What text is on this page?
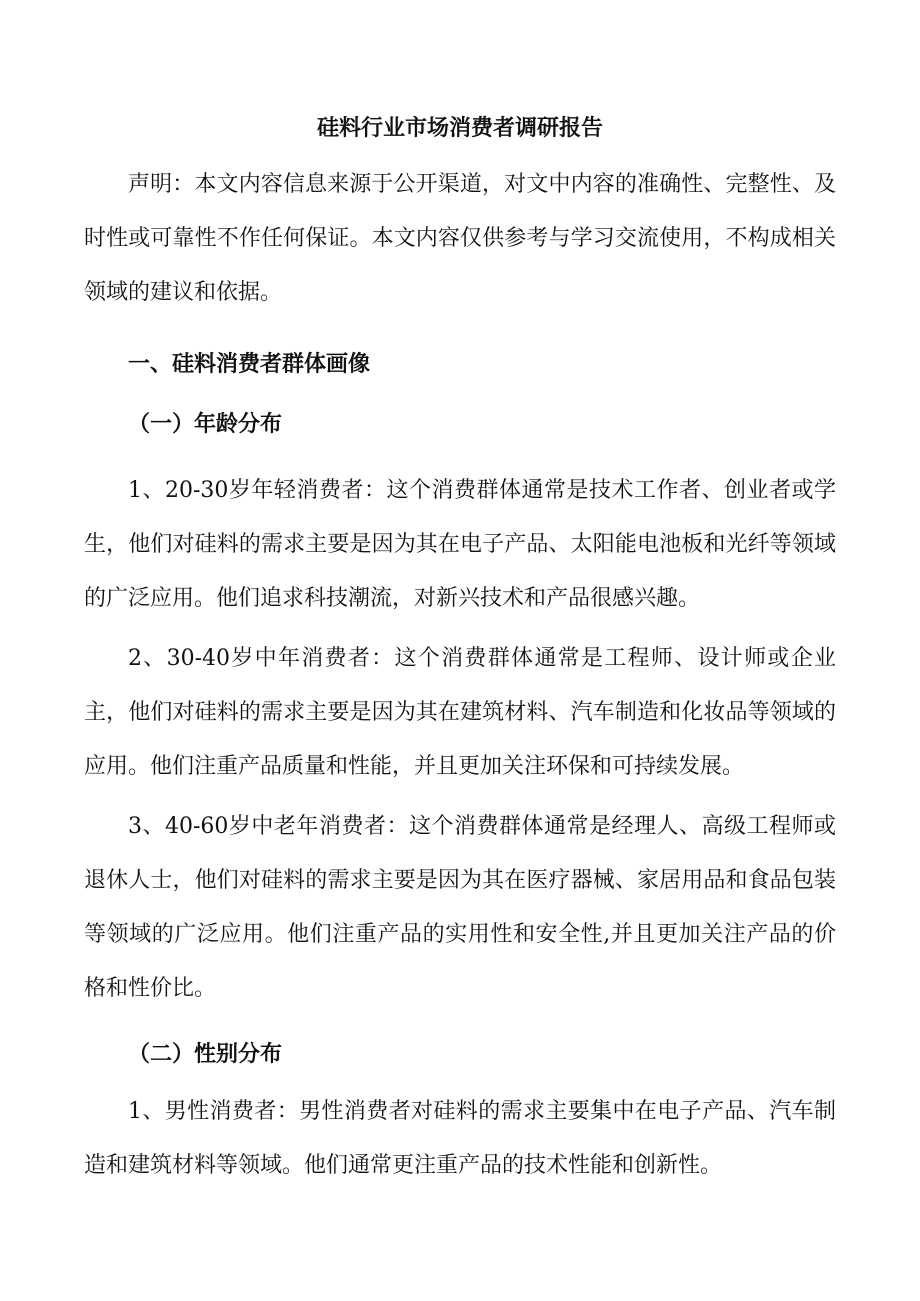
硅料行业市场消费者调研报告

声明：本文内容信息来源于公开渠道，对文中内容的准确性、完整性、及时性或可靠性不作任何保证。本文内容仅供参考与学习交流使用，不构成相关领域的建议和依据。

一、硅料消费者群体画像
（一）年龄分布

1、20-30岁年轻消费者：这个消费群体通常是技术工作者、创业者或学生，他们对硅料的需求主要是因为其在电子产品、太阳能电池板和光纤等领域的广泛应用。他们追求科技潮流，对新兴技术和产品很感兴趣。

2、30-40岁中年消费者：这个消费群体通常是工程师、设计师或企业主，他们对硅料的需求主要是因为其在建筑材料、汽车制造和化妆品等领域的应用。他们注重产品质量和性能，并且更加关注环保和可持续发展。

3、40-60岁中老年消费者：这个消费群体通常是经理人、高级工程师或退休人士，他们对硅料的需求主要是因为其在医疗器械、家居用品和食品包装等领域的广泛应用。他们注重产品的实用性和安全性,并且更加关注产品的价格和性价比。

（二）性别分布

1、男性消费者：男性消费者对硅料的需求主要集中在电子产品、汽车制造和建筑材料等领域。他们通常更注重产品的技术性能和创新性。
